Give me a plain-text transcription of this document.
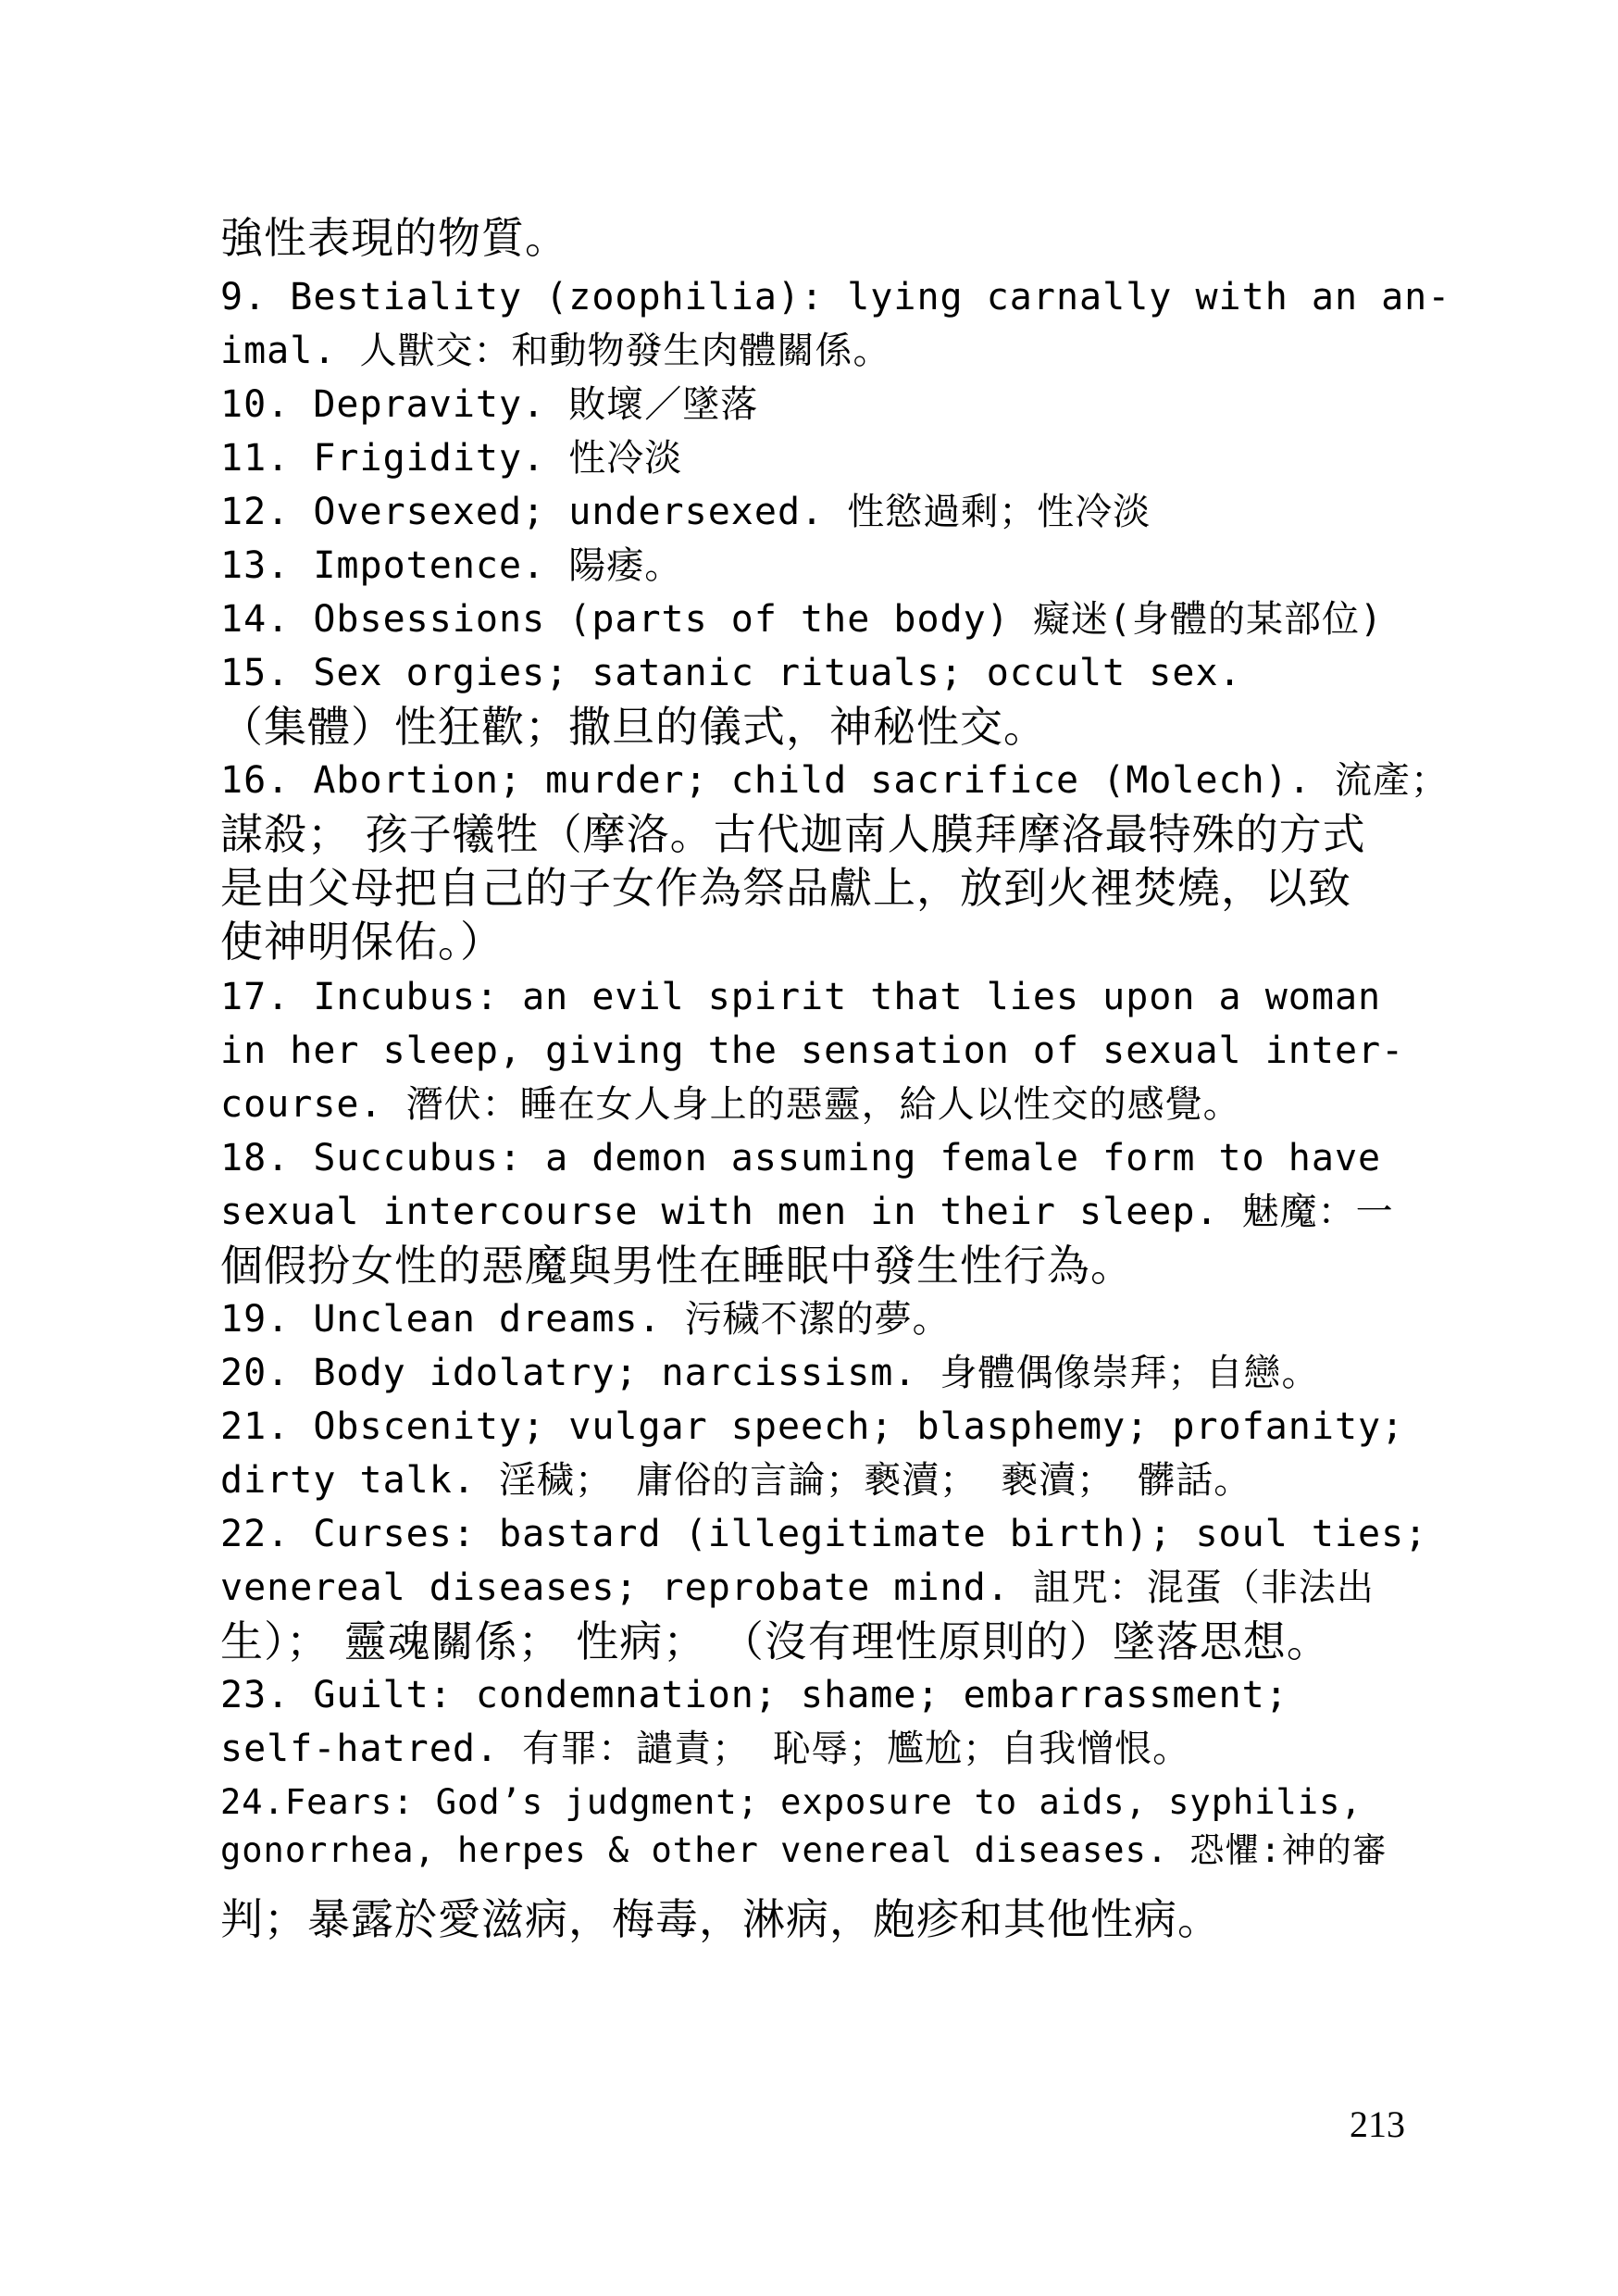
強性表現的物質。
9. Bestiality (zoophilia): lying carnally with an an-
imal. 人獸交：和動物發生肉體關係。
10. Depravity. 敗壞／墜落
11. Frigidity. 性冷淡
12. Oversexed; undersexed. 性慾過剩；性冷淡
13. Impotence. 陽痿。
14. Obsessions (parts of the body) 癡迷(身體的某部位)
15. Sex orgies; satanic rituals; occult sex.
（集體）性狂歡；撒旦的儀式，神秘性交。
16. Abortion; murder; child sacrifice (Molech). 流產；
謀殺； 孩子犧牲（摩洛。古代迦南人膜拜摩洛最特殊的方式
是由父母把自己的子女作為祭品獻上，放到火裡焚燒，以致
使神明保佑。）
17. Incubus: an evil spirit that lies upon a woman
in her sleep, giving the sensation of sexual inter-
course. 潛伏：睡在女人身上的惡靈，給人以性交的感覺。
18. Succubus: a demon assuming female form to have
sexual intercourse with men in their sleep. 魅魔：一
個假扮女性的惡魔與男性在睡眠中發生性行為。
19. Unclean dreams. 污穢不潔的夢。
20. Body idolatry; narcissism. 身體偶像崇拜；自戀。
21. Obscenity; vulgar speech; blasphemy; profanity;
dirty talk. 淫穢； 庸俗的言論；褻瀆； 褻瀆； 髒話。
22. Curses: bastard (illegitimate birth); soul ties;
venereal diseases; reprobate mind. 詛咒：混蛋（非法出
生）； 靈魂關係； 性病； （沒有理性原則的）墜落思想。
23. Guilt: condemnation; shame; embarrassment;
self-hatred. 有罪：譴責； 恥辱；尷尬；自我憎恨。
24.Fears: God’s judgment; exposure to aids, syphilis,
gonorrhea, herpes & other venereal diseases. 恐懼:神的審
判；暴露於愛滋病，梅毒，淋病，皰疹和其他性病。
213
